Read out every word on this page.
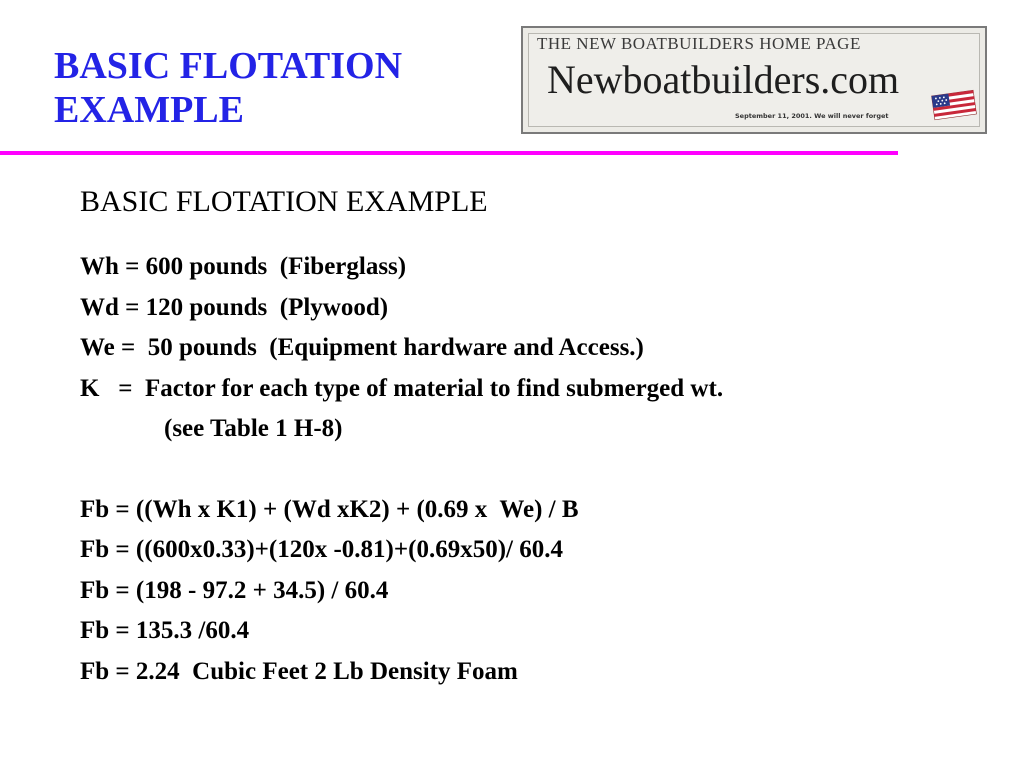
BASIC FLOTATION
EXAMPLE
THE NEW BOATBUILDERS HOME PAGE
Newboatbuilders.com
September 11, 2001. We will never forget
BASIC FLOTATION EXAMPLE
Wh = 600 pounds  (Fiberglass)
Wd = 120 pounds  (Plywood)
We =  50 pounds  (Equipment hardware and Access.)
K   =  Factor for each type of material to find submerged wt.
(see Table 1 H-8)
Fb = ((Wh x K1) + (Wd xK2) + (0.69 x  We) / B
Fb = ((600x0.33)+(120x -0.81)+(0.69x50)/ 60.4
Fb = (198 - 97.2 + 34.5) / 60.4
Fb = 135.3 /60.4
Fb = 2.24  Cubic Feet 2 Lb Density Foam
